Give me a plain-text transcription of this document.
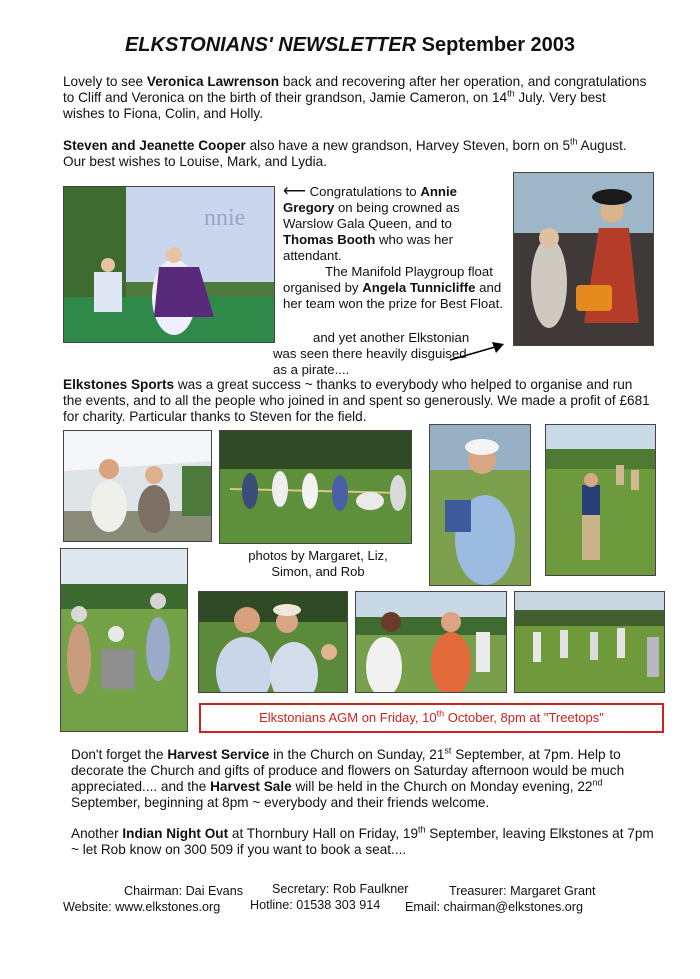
ELKSTONIANS' NEWSLETTER September 2003
Lovely to see Veronica Lawrenson back and recovering after her operation, and congratulations to Cliff and Veronica on the birth of their grandson, Jamie Cameron, on 14th July. Very best wishes to Fiona, Colin, and Holly.
Steven and Jeanette Cooper also have a new grandson, Harvey Steven, born on 5th August. Our best wishes to Louise, Mark, and Lydia.
nnie
⟵ Congratulations to Annie Gregory on being crowned as Warslow Gala Queen, and to Thomas Booth who was her attendant.
The Manifold Playgroup float organised by Angela Tunnicliffe and her team won the prize for Best Float.
and yet another Elkstonian was seen there heavily disguised as a pirate....
Elkstones Sports was a great success ~ thanks to everybody who helped to organise and run the events, and to all the people who joined in and spent so generously. We made a profit of £681 for charity. Particular thanks to Steven for the field.
photos by Margaret, Liz,
Simon, and Rob
Elkstonians AGM on Friday, 10th October, 8pm at "Treetops"
Don't forget the Harvest Service in the Church on Sunday, 21st September, at 7pm. Help to decorate the Church and gifts of produce and flowers on Saturday afternoon would be much appreciated.... and the Harvest Sale will be held in the Church on Monday evening, 22nd September, beginning at 8pm ~ everybody and their friends welcome.
Another Indian Night Out at Thornbury Hall on Friday, 19th September, leaving Elkstones at 7pm ~ let Rob know on 300 509 if you want to book a seat....
Chairman: Dai Evans Secretary: Rob Faulkner	Treasurer: Margaret Grant
Website: www.elkstones.org Hotline: 01538 303 914 Email: chairman@elkstones.org
